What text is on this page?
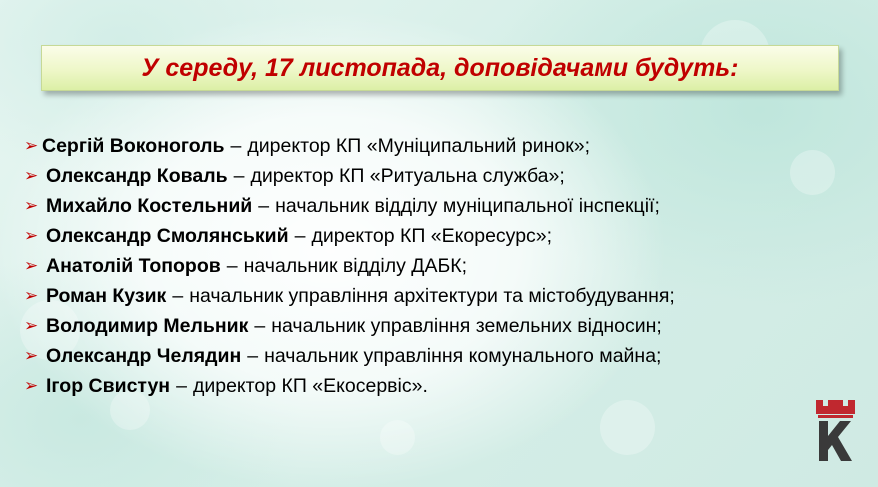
У середу, 17 листопада, доповідачами будуть:
➢ Сергій Воконоголь – директор КП «Муніципальний ринок»;
➢ Олександр Коваль – директор КП «Ритуальна служба»;
➢ Михайло Костельний – начальник відділу муніципальної інспекції;
➢ Олександр Смолянський – директор КП «Екоресурс»;
➢ Анатолій Топоров – начальник відділу ДАБК;
➢ Роман Кузик – начальник управління архітектури та містобудування;
➢ Володимир Мельник – начальник управління земельних відносин;
➢ Олександр Челядин – начальник управління комунального майна;
➢ Ігор Свистун – директор КП «Екосервіс».
